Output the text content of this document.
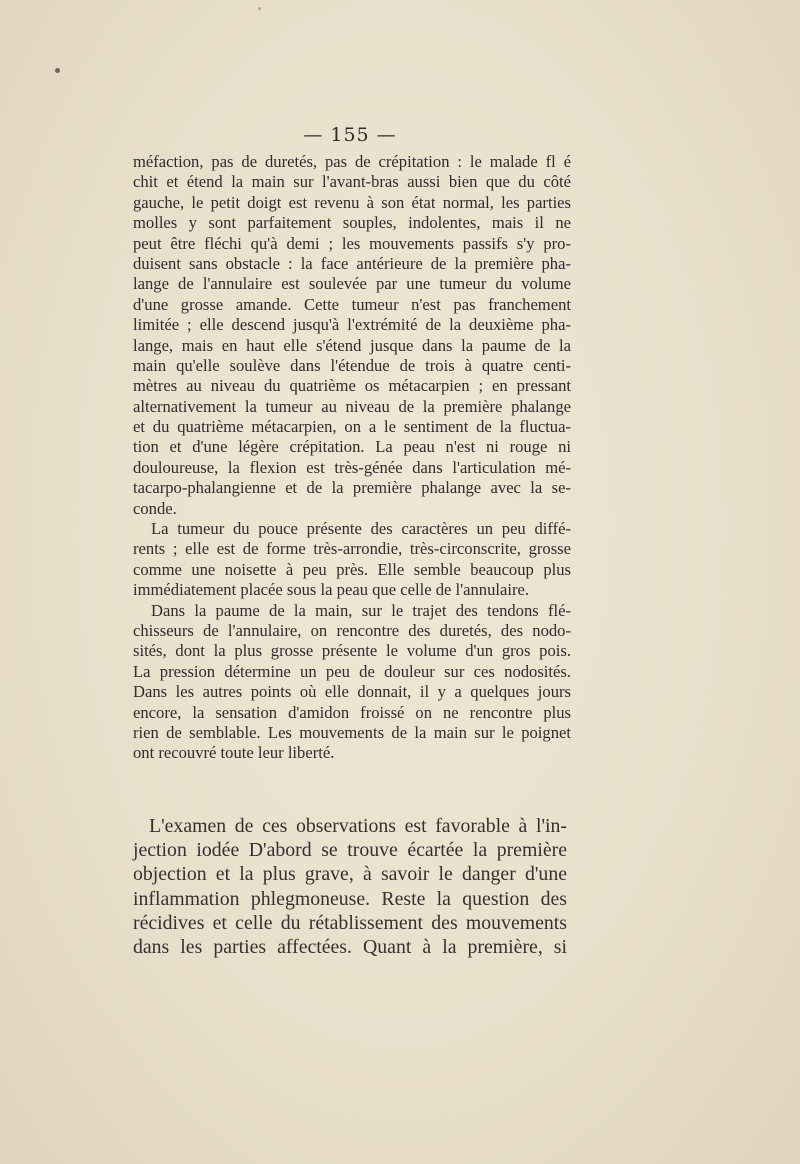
— 155 —
méfaction, pas de duretés, pas de crépitation : le malade fl é
chit et étend la main sur l'avant-bras aussi bien que du côté
gauche, le petit doigt est revenu à son état normal, les parties
molles y sont parfaitement souples, indolentes, mais il ne
peut être fléchi qu'à demi ; les mouvements passifs s'y pro-
duisent sans obstacle : la face antérieure de la première pha-
lange de l'annulaire est soulevée par une tumeur du volume
d'une grosse amande. Cette tumeur n'est pas franchement
limitée ; elle descend jusqu'à l'extrémité de la deuxième pha-
lange, mais en haut elle s'étend jusque dans la paume de la
main qu'elle soulève dans l'étendue de trois à quatre centi-
mètres au niveau du quatrième os métacarpien ; en pressant
alternativement la tumeur au niveau de la première phalange
et du quatrième métacarpien, on a le sentiment de la fluctua-
tion et d'une légère crépitation. La peau n'est ni rouge ni
douloureuse, la flexion est très-génée dans l'articulation mé-
tacarpo-phalangienne et de la première phalange avec la se-
conde.
La tumeur du pouce présente des caractères un peu diffé-
rents ; elle est de forme très-arrondie, très-circonscrite, grosse
comme une noisette à peu près. Elle semble beaucoup plus
immédiatement placée sous la peau que celle de l'annulaire.
Dans la paume de la main, sur le trajet des tendons flé-
chisseurs de l'annulaire, on rencontre des duretés, des nodo-
sités, dont la plus grosse présente le volume d'un gros pois.
La pression détermine un peu de douleur sur ces nodosités.
Dans les autres points où elle donnait, il y a quelques jours
encore, la sensation d'amidon froissé on ne rencontre plus
rien de semblable. Les mouvements de la main sur le poignet
ont recouvré toute leur liberté.
L'examen de ces observations est favorable à l'in-
jection iodée D'abord se trouve écartée la première
objection et la plus grave, à savoir le danger d'une
inflammation phlegmoneuse. Reste la question des
récidives et celle du rétablissement des mouvements
dans les parties affectées. Quant à la première, si
